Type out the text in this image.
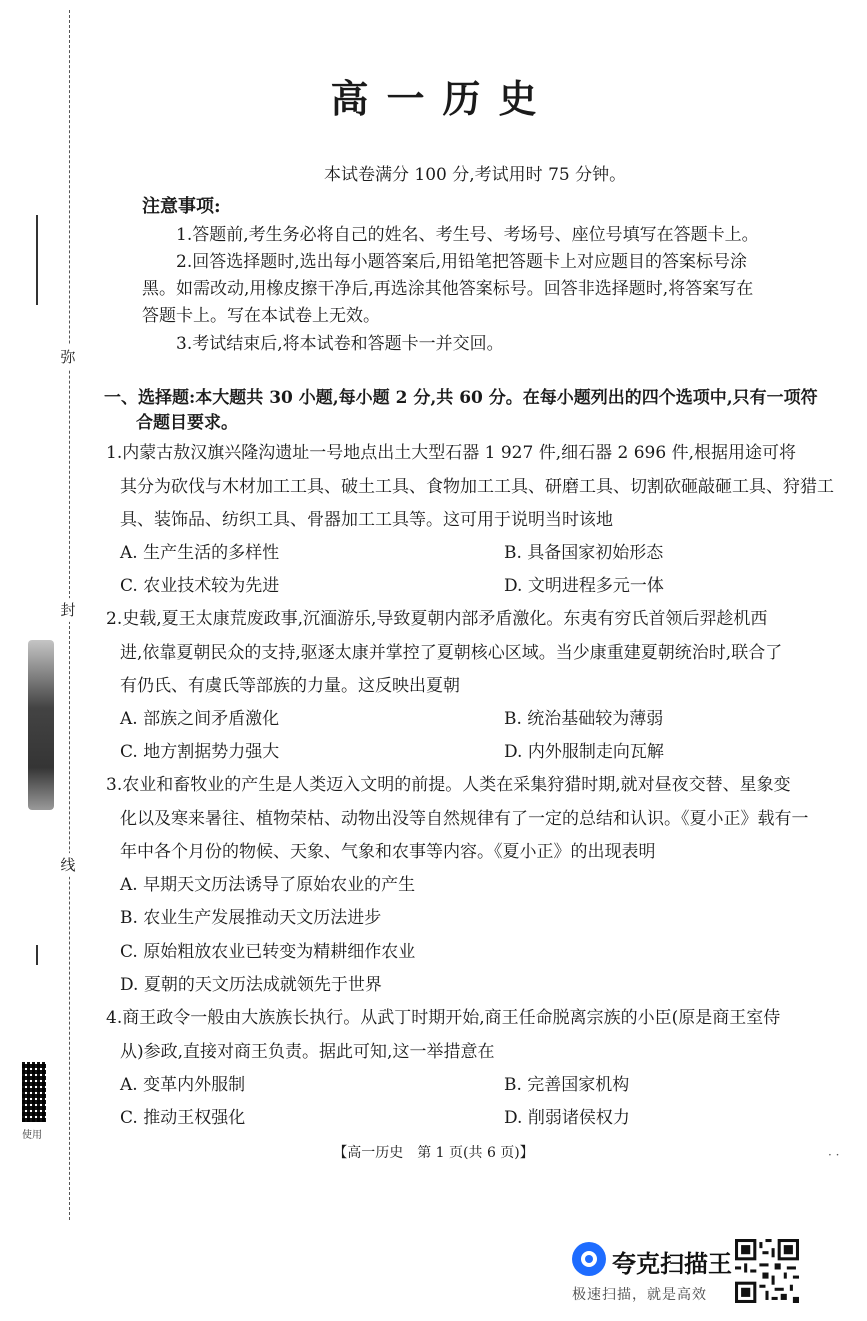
弥
封
线
使用
高一历史
本试卷满分 100 分,考试用时 75 分钟。
注意事项:
1.答题前,考生务必将自己的姓名、考生号、考场号、座位号填写在答题卡上。
2.回答选择题时,选出每小题答案后,用铅笔把答题卡上对应题目的答案标号涂
黑。如需改动,用橡皮擦干净后,再选涂其他答案标号。回答非选择题时,将答案写在
答题卡上。写在本试卷上无效。
3.考试结束后,将本试卷和答题卡一并交回。
一、选择题:本大题共 30 小题,每小题 2 分,共 60 分。在每小题列出的四个选项中,只有一项符
合题目要求。
1.内蒙古敖汉旗兴隆沟遗址一号地点出土大型石器 1 927 件,细石器 2 696 件,根据用途可将
其分为砍伐与木材加工工具、破土工具、食物加工工具、研磨工具、切割砍砸敲砸工具、狩猎工
具、装饰品、纺织工具、骨器加工工具等。这可用于说明当时该地
A. 生产生活的多样性	B. 具备国家初始形态
C. 农业技术较为先进	D. 文明进程多元一体
2.史载,夏王太康荒废政事,沉湎游乐,导致夏朝内部矛盾激化。东夷有穷氏首领后羿趁机西
进,依靠夏朝民众的支持,驱逐太康并掌控了夏朝核心区域。当少康重建夏朝统治时,联合了
有仍氏、有虞氏等部族的力量。这反映出夏朝
A. 部族之间矛盾激化	B. 统治基础较为薄弱
C. 地方割据势力强大	D. 内外服制走向瓦解
3.农业和畜牧业的产生是人类迈入文明的前提。人类在采集狩猎时期,就对昼夜交替、星象变
化以及寒来暑往、植物荣枯、动物出没等自然规律有了一定的总结和认识。《夏小正》载有一
年中各个月份的物候、天象、气象和农事等内容。《夏小正》的出现表明
A. 早期天文历法诱导了原始农业的产生
B. 农业生产发展推动天文历法进步
C. 原始粗放农业已转变为精耕细作农业
D. 夏朝的天文历法成就领先于世界
4.商王政令一般由大族族长执行。从武丁时期开始,商王任命脱离宗族的小臣(原是商王室侍
从)参政,直接对商王负责。据此可知,这一举措意在
A. 变革内外服制	B. 完善国家机构
C. 推动王权强化	D. 削弱诸侯权力
【高一历史　第 1 页(共 6 页)】	· ·
夸克扫描王
极速扫描，就是高效
